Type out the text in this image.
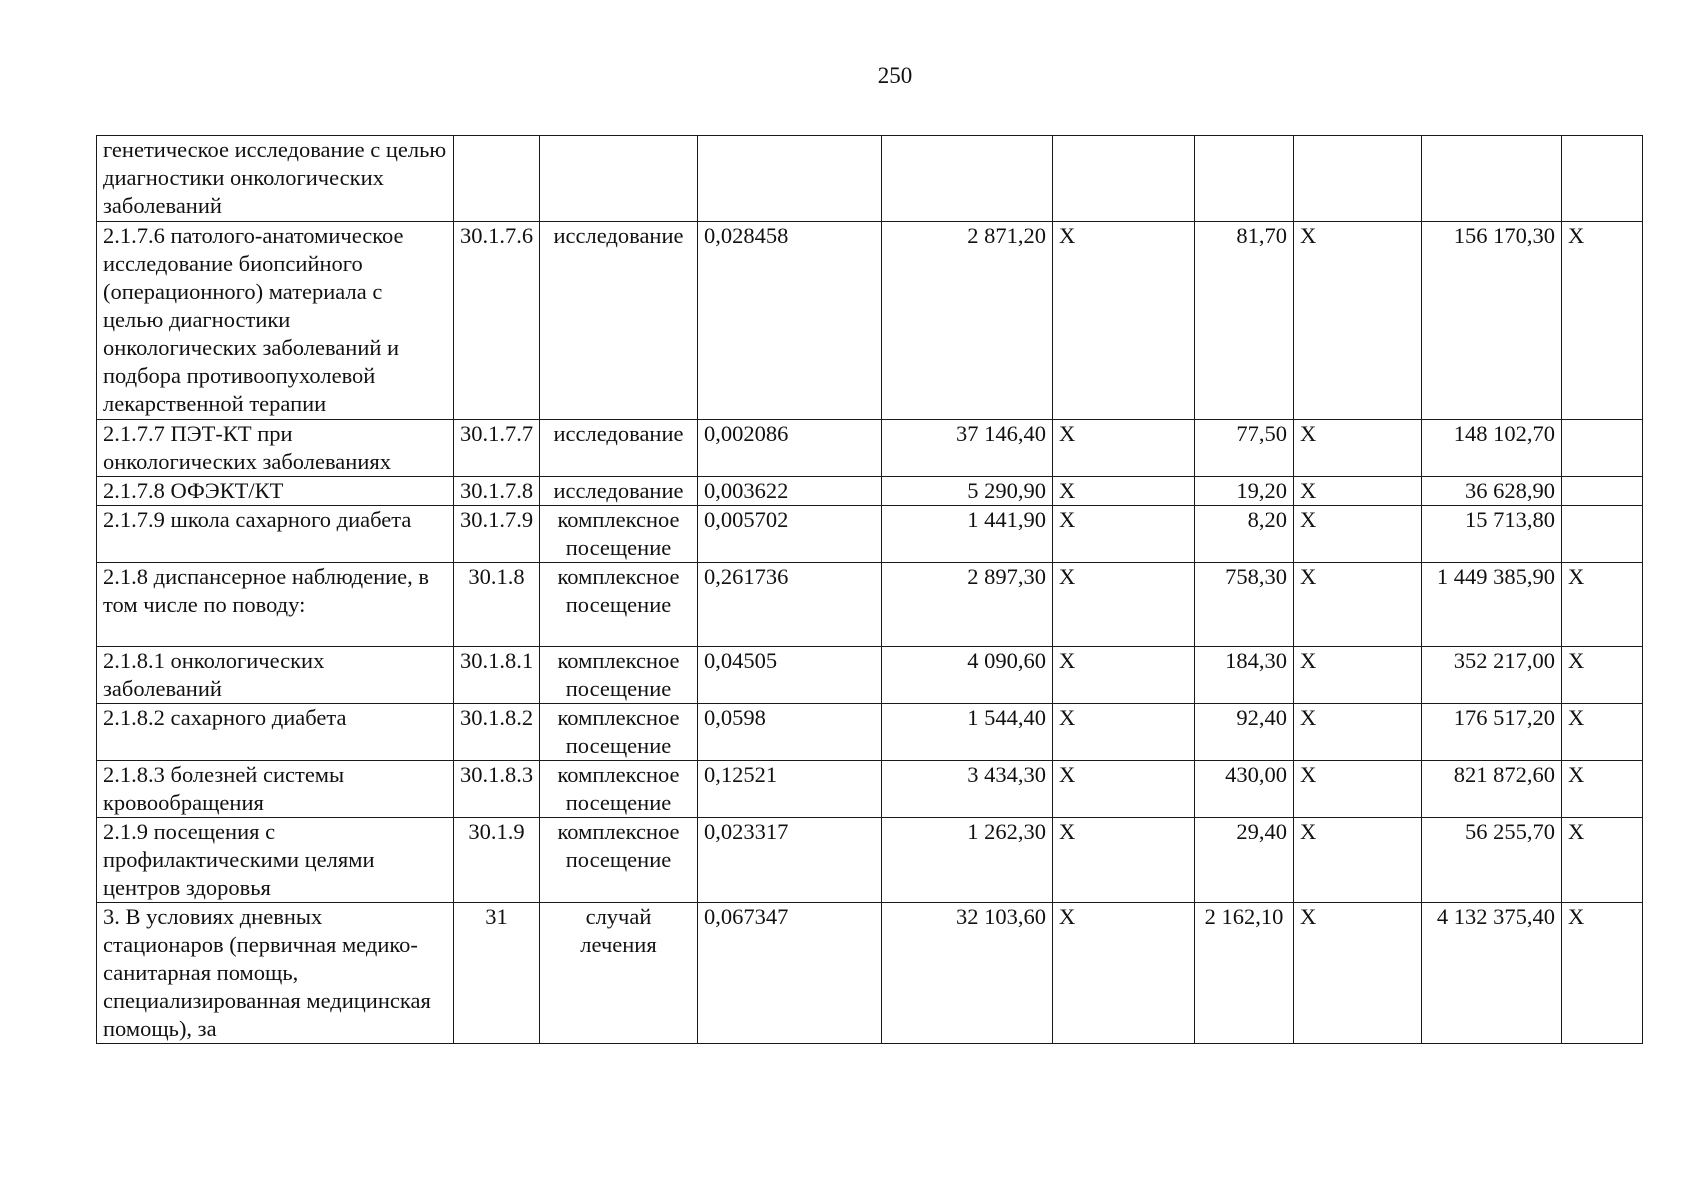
250
генетическое исследование с целью диагностики онкологических заболеваний									
2.1.7.6 патолого-анатомическое исследование биопсийного (операционного) материала с целью диагностики онкологических заболеваний и подбора противоопухолевой лекарственной терапии	30.1.7.6	исследование	0,028458	2 871,20	Х	81,70	Х	156 170,30	Х
2.1.7.7 ПЭТ-КТ при онкологических заболеваниях	30.1.7.7	исследование	0,002086	37 146,40	Х	77,50	Х	148 102,70	
2.1.7.8 ОФЭКТ/КТ	30.1.7.8	исследование	0,003622	5 290,90	Х	19,20	Х	36 628,90	
2.1.7.9 школа сахарного диабета	30.1.7.9	комплексное посещение	0,005702	1 441,90	Х	8,20	Х	15 713,80	
2.1.8 диспансерное наблюдение, в том числе по поводу:	30.1.8	комплексное посещение	0,261736	2 897,30	Х	758,30	Х	1 449 385,90	Х
2.1.8.1 онкологических заболеваний	30.1.8.1	комплексное посещение	0,04505	4 090,60	Х	184,30	Х	352 217,00	Х
2.1.8.2 сахарного диабета	30.1.8.2	комплексное посещение	0,0598	1 544,40	Х	92,40	Х	176 517,20	Х
2.1.8.3 болезней системы кровообращения	30.1.8.3	комплексное посещение	0,12521	3 434,30	Х	430,00	Х	821 872,60	Х
2.1.9 посещения с профилактическими целями центров здоровья	30.1.9	комплексное посещение	0,023317	1 262,30	Х	29,40	Х	56 255,70	Х
3. В условиях дневных стационаров (первичная медико-санитарная помощь, специализированная медицинская помощь), за	31	случай лечения	0,067347	32 103,60	Х	2 162,10	Х	4 132 375,40	Х
